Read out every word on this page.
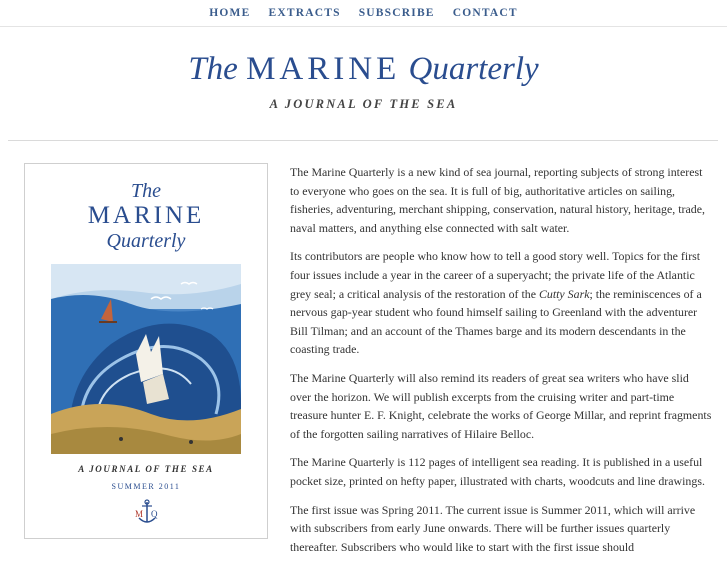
HOME EXTRACTS SUBSCRIBE CONTACT
The MARINE Quarterly
A JOURNAL OF THE SEA
The
MARINE
Quarterly
A JOURNAL OF THE SEA
SUMMER 2011
M Q

The Marine Quarterly is a new kind of sea journal, reporting subjects of strong interest to everyone who goes on the sea. It is full of big, authoritative articles on sailing, fisheries, adventuring, merchant shipping, conservation, natural history, heritage, trade, naval matters, and anything else connected with salt water.

Its contributors are people who know how to tell a good story well. Topics for the first four issues include a year in the career of a superyacht; the private life of the Atlantic grey seal; a critical analysis of the restoration of the Cutty Sark; the reminiscences of a nervous gap-year student who found himself sailing to Greenland with the adventurer Bill Tilman; and an account of the Thames barge and its modern descendants in the coasting trade.

The Marine Quarterly will also remind its readers of great sea writers who have slid over the horizon. We will publish excerpts from the cruising writer and part-time treasure hunter E. F. Knight, celebrate the works of George Millar, and reprint fragments of the forgotten sailing narratives of Hilaire Belloc.

The Marine Quarterly is 112 pages of intelligent sea reading. It is published in a useful pocket size, printed on hefty paper, illustrated with charts, woodcuts and line drawings.

The first issue was Spring 2011. The current issue is Summer 2011, which will arrive with subscribers from early June onwards. There will be further issues quarterly thereafter. Subscribers who would like to start with the first issue should
